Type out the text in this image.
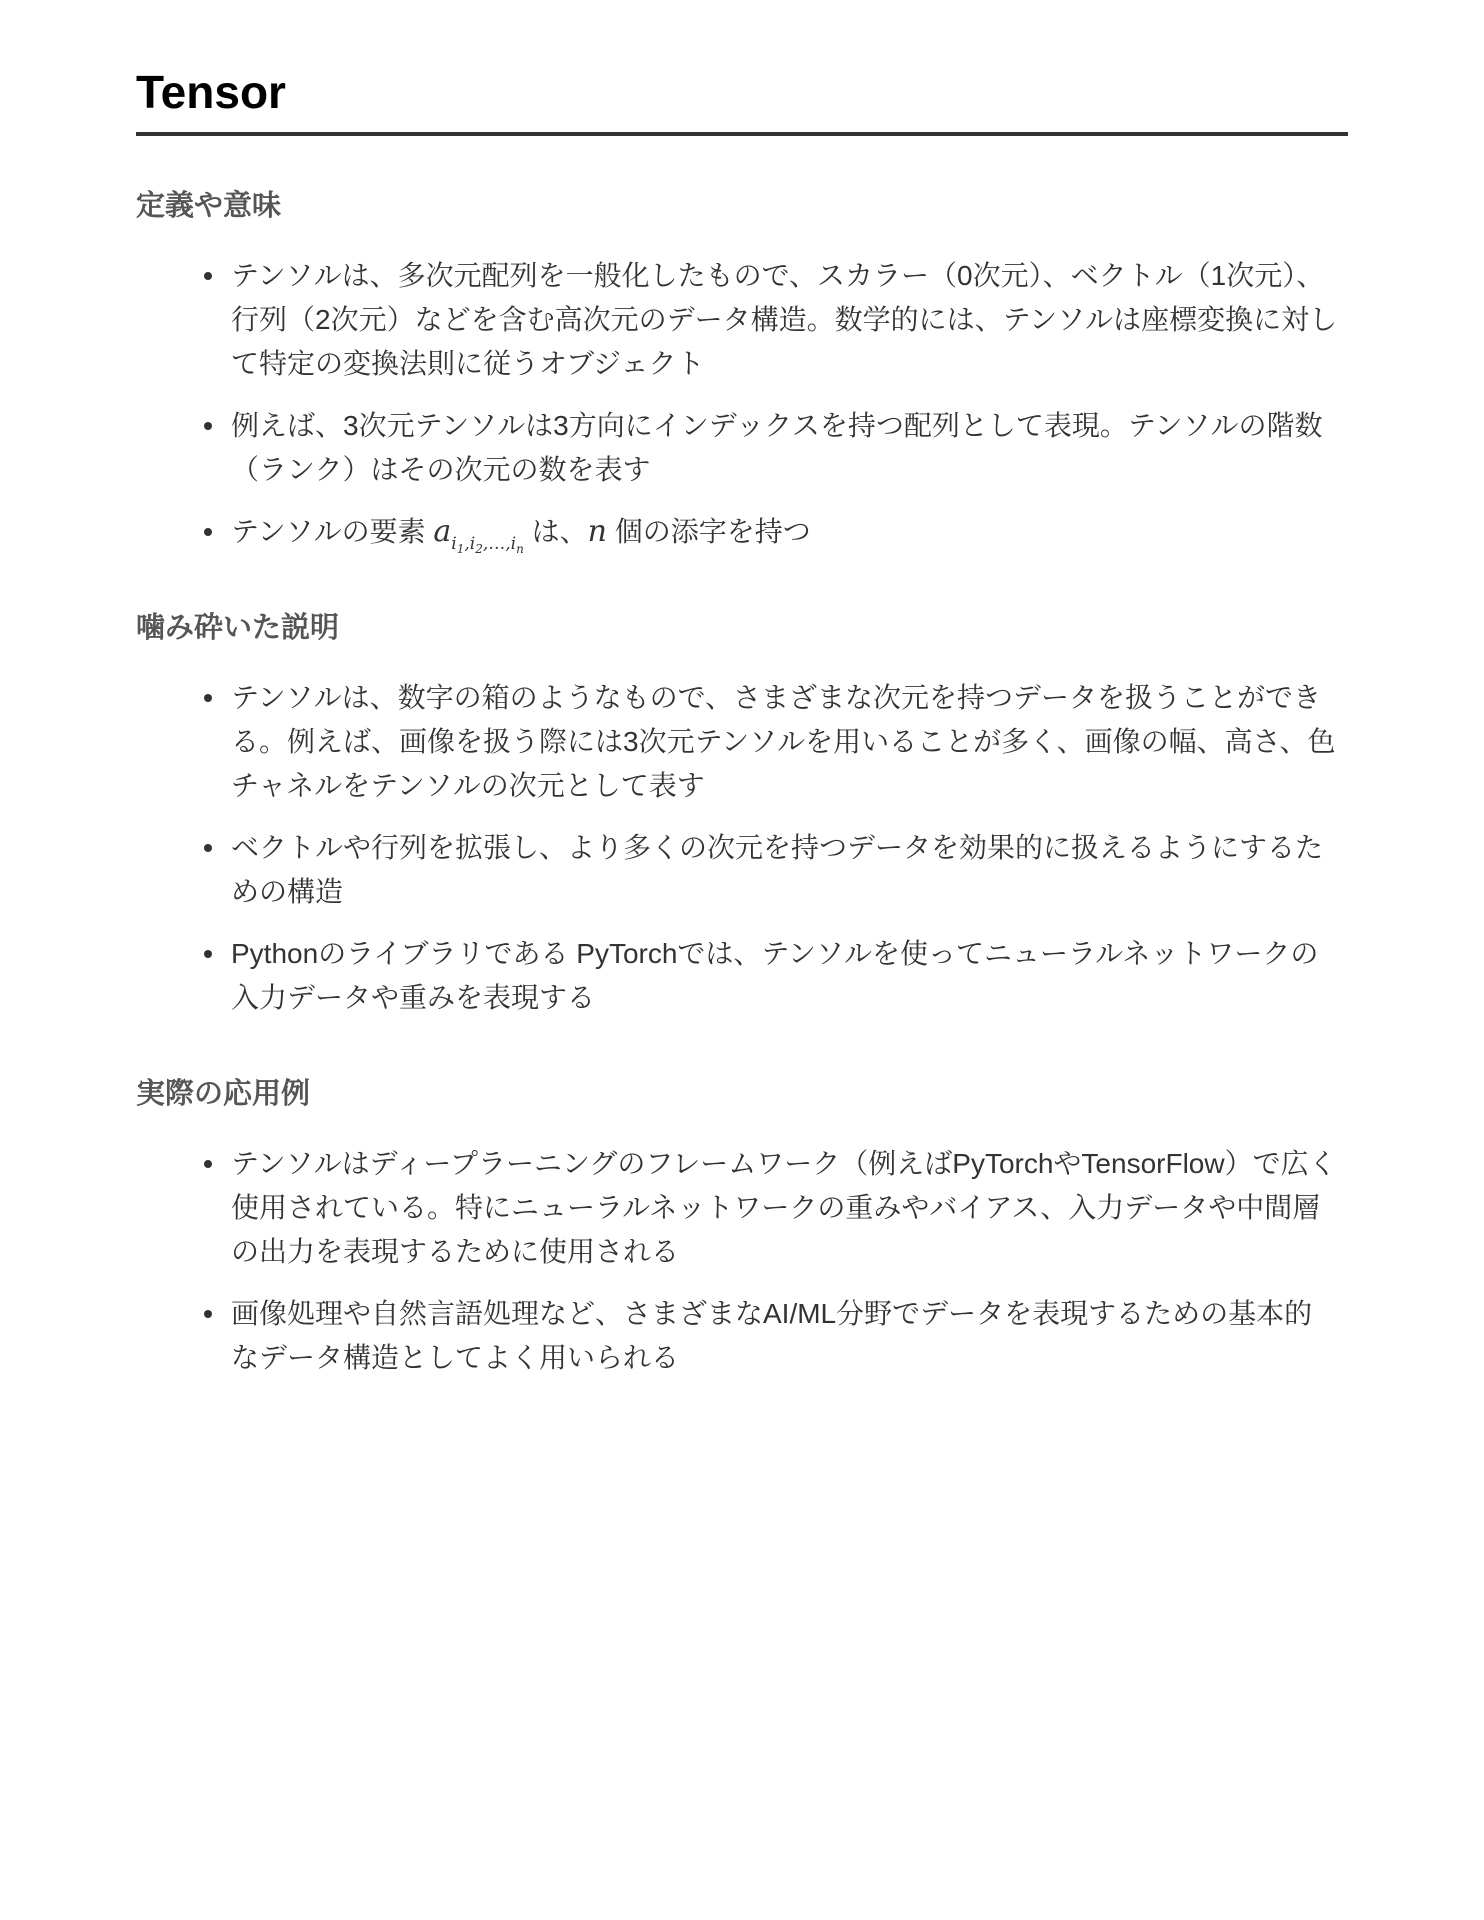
Tensor
定義や意味
テンソルは、多次元配列を一般化したもので、スカラー（0次元）、ベクトル（1次元）、行列（2次元）などを含む高次元のデータ構造。数学的には、テンソルは座標変換に対して特定の変換法則に従うオブジェクト
例えば、3次元テンソルは3方向にインデックスを持つ配列として表現。テンソルの階数（ランク）はその次元の数を表す
テンソルの要素 $a_{i_1,i_2,\dots,i_n}$ は、n 個の添字を持つ
噛み砕いた説明
テンソルは、数字の箱のようなもので、さまざまな次元を持つデータを扱うことができる。例えば、画像を扱う際には3次元テンソルを用いることが多く、画像の幅、高さ、色チャネルをテンソルの次元として表す
ベクトルや行列を拡張し、より多くの次元を持つデータを効果的に扱えるようにするための構造
Pythonのライブラリである PyTorchでは、テンソルを使ってニューラルネットワークの入力データや重みを表現する
実際の応用例
テンソルはディープラーニングのフレームワーク（例えばPyTorchやTensorFlow）で広く使用されている。特にニューラルネットワークの重みやバイアス、入力データや中間層の出力を表現するために使用される
画像処理や自然言語処理など、さまざまなAI/ML分野でデータを表現するための基本的なデータ構造としてよく用いられる
